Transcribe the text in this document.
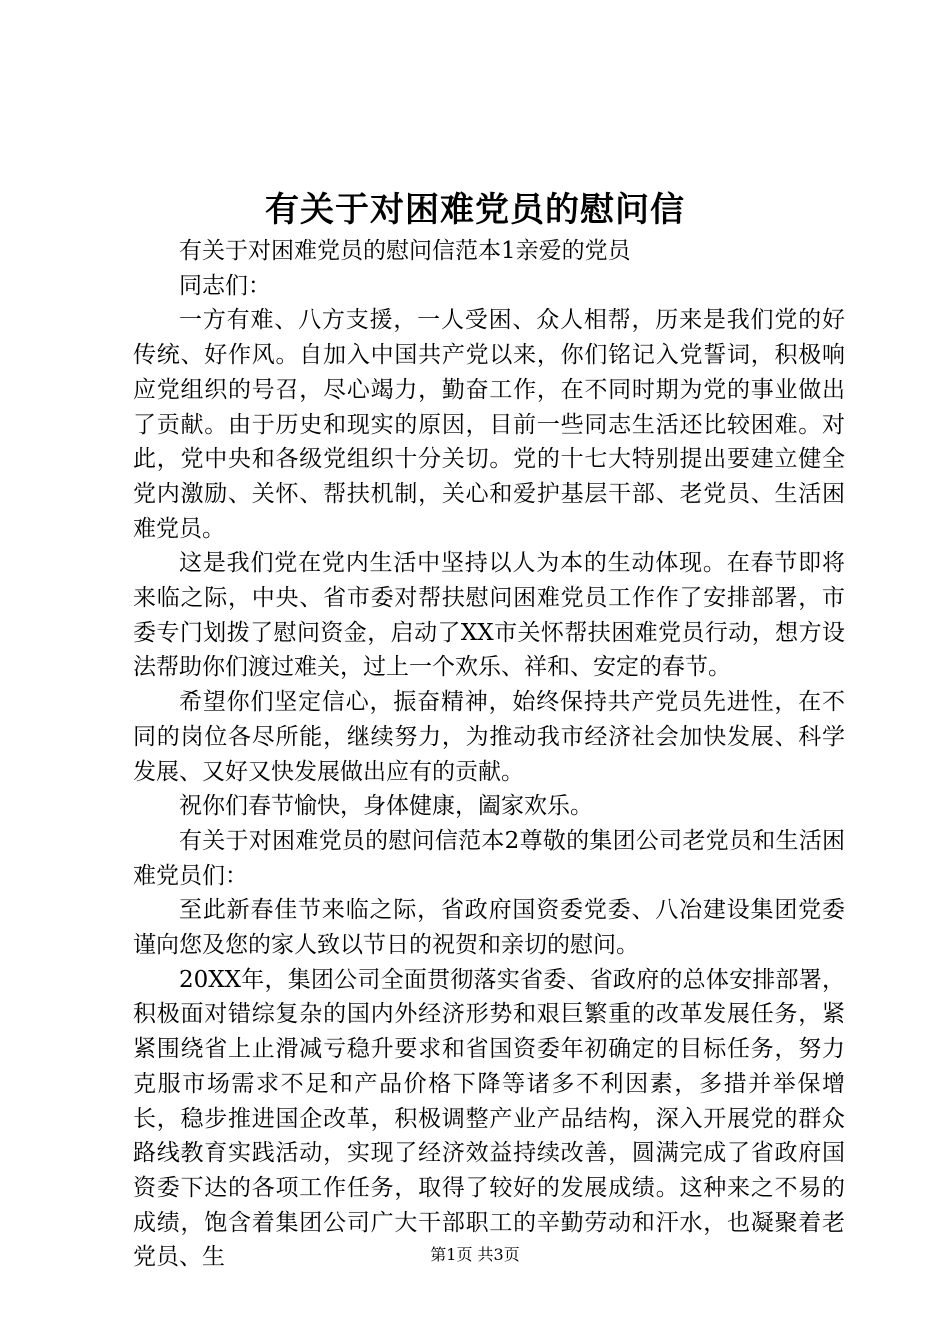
有关于对困难党员的慰问信

有关于对困难党员的慰问信范本1亲爱的党员

同志们：

一方有难、八方支援，一人受困、众人相帮，历来是我们党的好传统、好作风。自加入中国共产党以来，你们铭记入党誓词，积极响应党组织的号召，尽心竭力，勤奋工作，在不同时期为党的事业做出了贡献。由于历史和现实的原因，目前一些同志生活还比较困难。对此，党中央和各级党组织十分关切。党的十七大特别提出要建立健全党内激励、关怀、帮扶机制，关心和爱护基层干部、老党员、生活困难党员。

这是我们党在党内生活中坚持以人为本的生动体现。在春节即将来临之际，中央、省市委对帮扶慰问困难党员工作作了安排部署，市委专门划拨了慰问资金，启动了XX市关怀帮扶困难党员行动，想方设法帮助你们渡过难关，过上一个欢乐、祥和、安定的春节。

希望你们坚定信心，振奋精神，始终保持共产党员先进性，在不同的岗位各尽所能，继续努力，为推动我市经济社会加快发展、科学发展、又好又快发展做出应有的贡献。

祝你们春节愉快，身体健康，阖家欢乐。

有关于对困难党员的慰问信范本2尊敬的集团公司老党员和生活困难党员们：

至此新春佳节来临之际，省政府国资委党委、八冶建设集团党委谨向您及您的家人致以节日的祝贺和亲切的慰问。

20XX年，集团公司全面贯彻落实省委、省政府的总体安排部署，积极面对错综复杂的国内外经济形势和艰巨繁重的改革发展任务，紧紧围绕省上止滑减亏稳升要求和省国资委年初确定的目标任务，努力克服市场需求不足和产品价格下降等诸多不利因素，多措并举保增长，稳步推进国企改革，积极调整产业产品结构，深入开展党的群众路线教育实践活动，实现了经济效益持续改善，圆满完成了省政府国资委下达的各项工作任务，取得了较好的发展成绩。这种来之不易的成绩，饱含着集团公司广大干部职工的辛勤劳动和汗水，也凝聚着老党员、生	第1页 共3页
